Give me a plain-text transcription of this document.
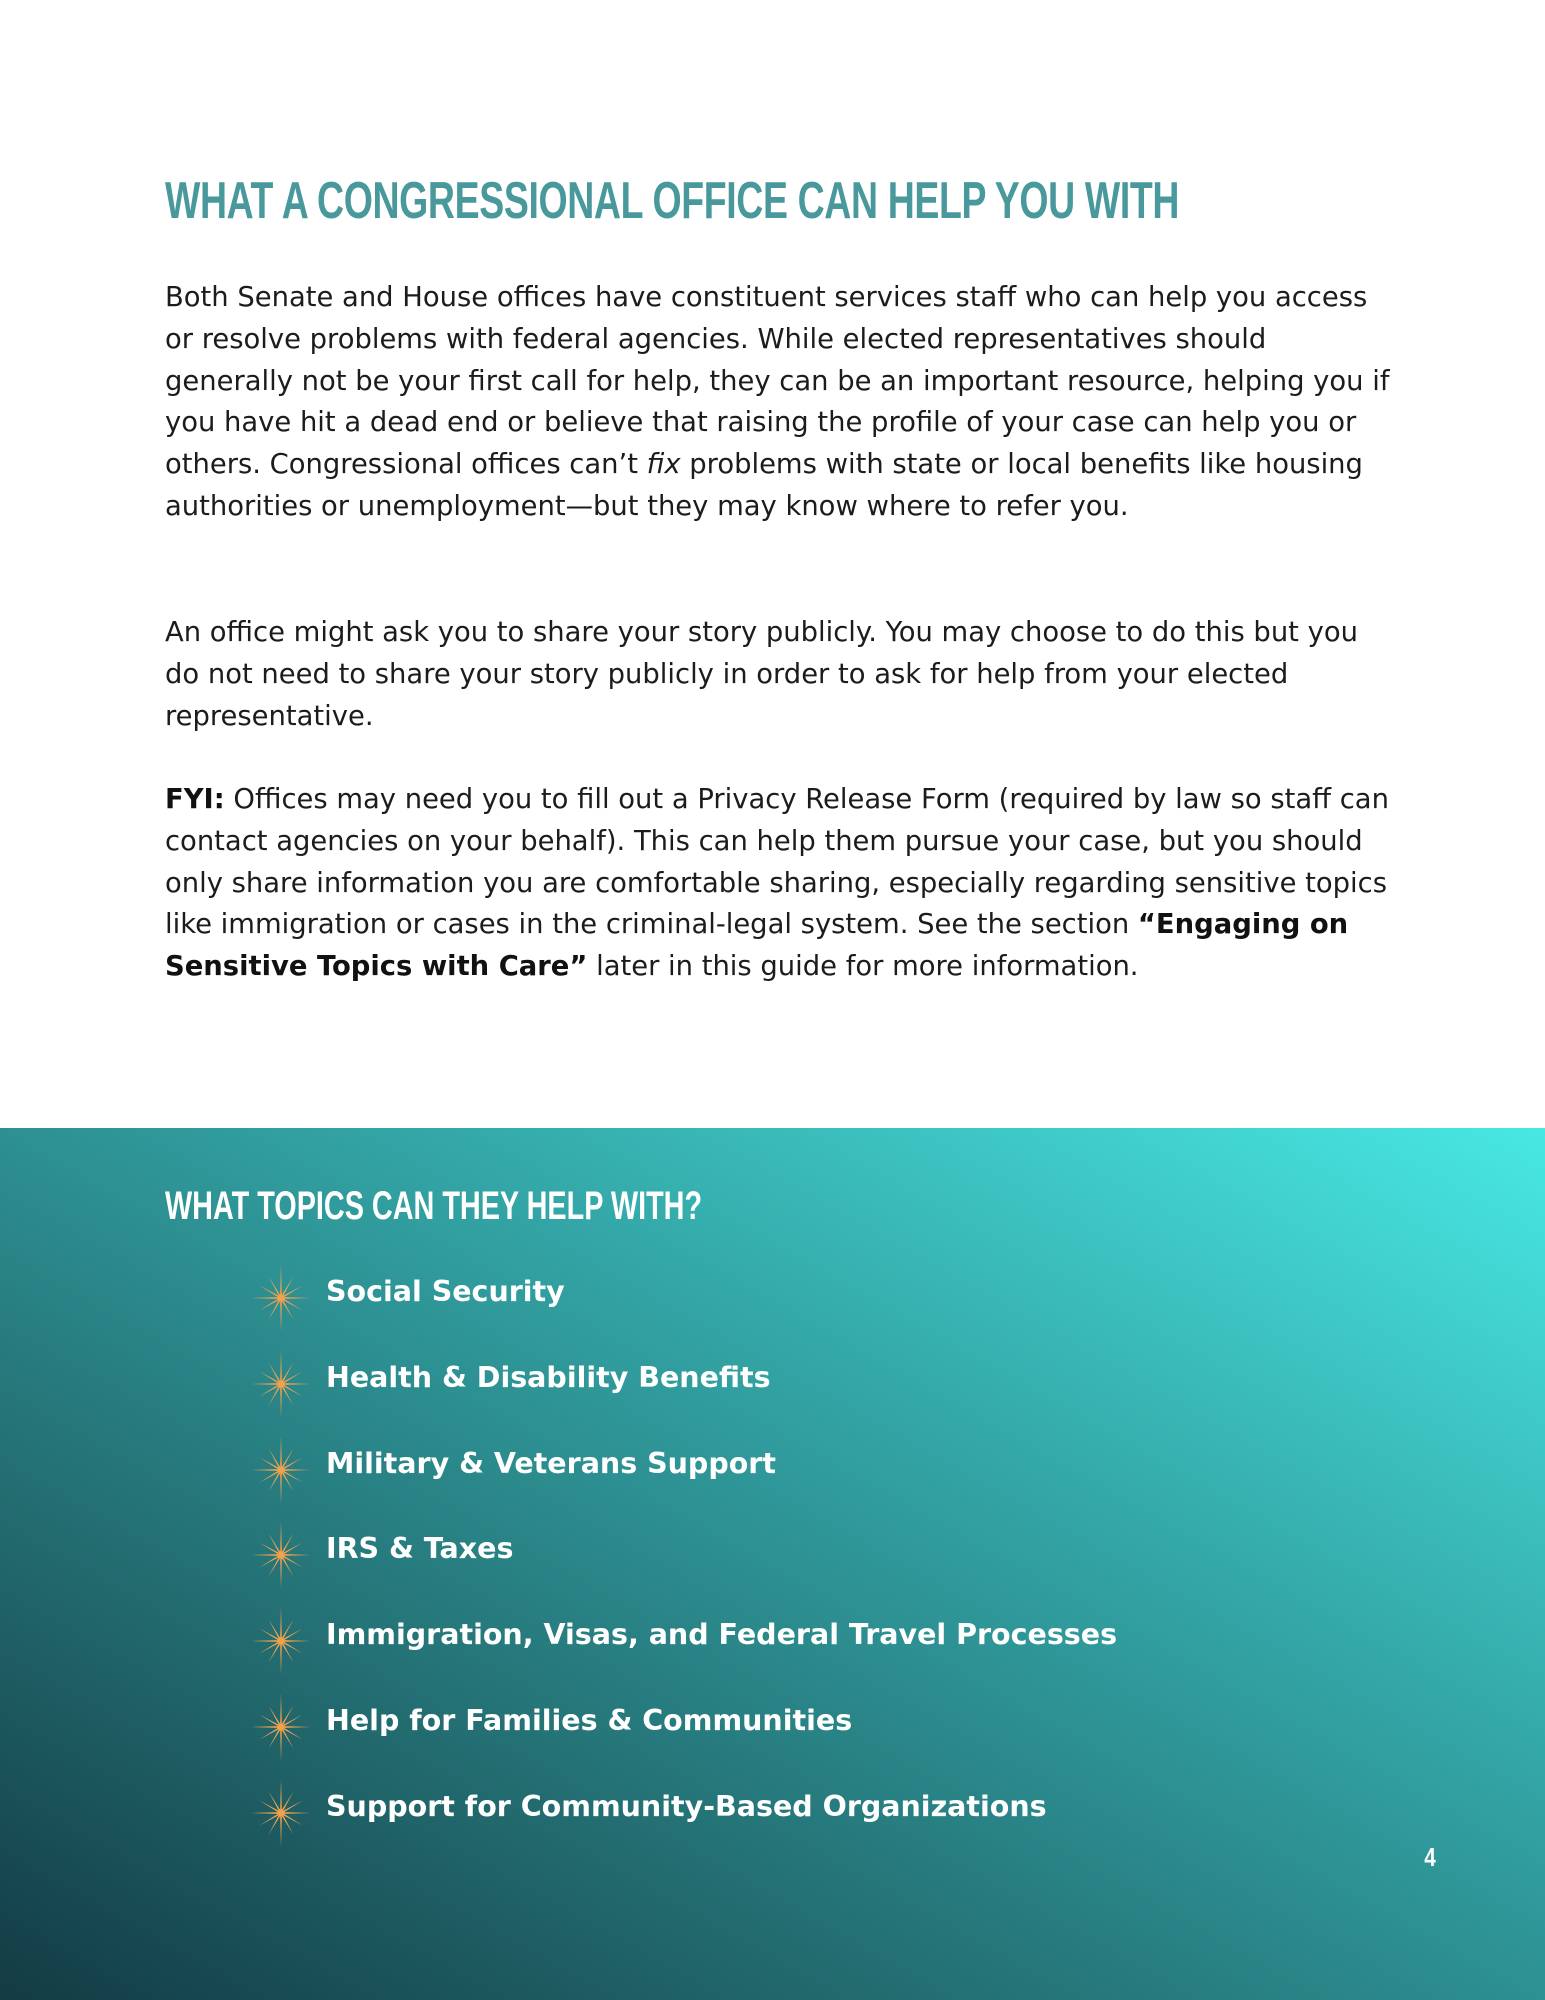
WHAT A CONGRESSIONAL OFFICE CAN HELP YOU WITH

Both Senate and House offices have constituent services staff who can help you access or resolve problems with federal agencies. While elected representatives should generally not be your first call for help, they can be an important resource, helping you if you have hit a dead end or believe that raising the profile of your case can help you or others. Congressional offices can’t fix problems with state or local benefits like housing authorities or unemployment—but they may know where to refer you.

An office might ask you to share your story publicly. You may choose to do this but you do not need to share your story publicly in order to ask for help from your elected representative.

FYI: Offices may need you to fill out a Privacy Release Form (required by law so staff can contact agencies on your behalf). This can help them pursue your case, but you should only share information you are comfortable sharing, especially regarding sensitive topics like immigration or cases in the criminal-legal system. See the section “Engaging on Sensitive Topics with Care” later in this guide for more information.

WHAT TOPICS CAN THEY HELP WITH?
Social Security
Health & Disability Benefits
Military & Veterans Support
IRS & Taxes
Immigration, Visas, and Federal Travel Processes
Help for Families & Communities
Support for Community-Based Organizations
4
